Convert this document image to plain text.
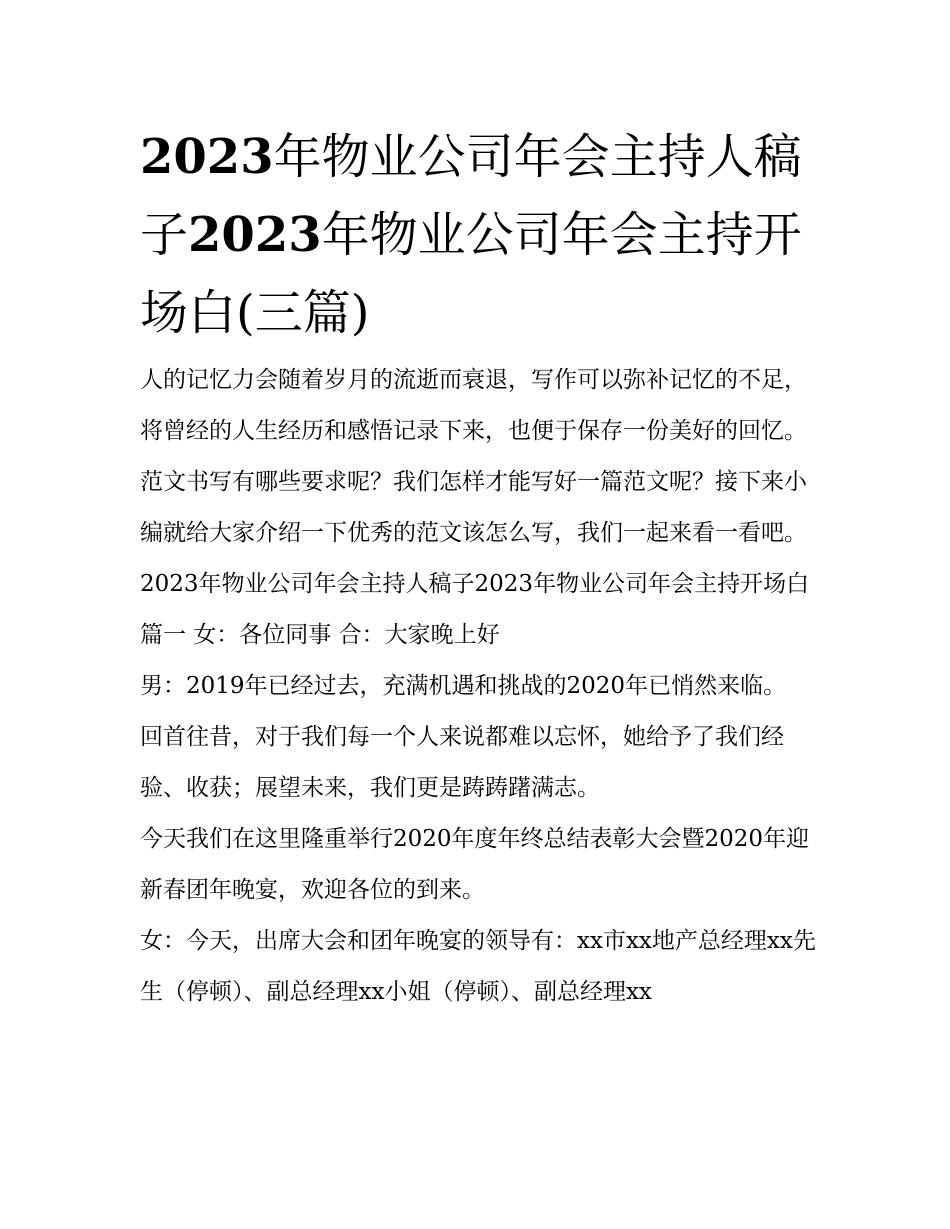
2023年物业公司年会主持人稿子2023年物业公司年会主持开场白(三篇)

人的记忆力会随着岁月的流逝而衰退，写作可以弥补记忆的不足，将曾经的人生经历和感悟记录下来，也便于保存一份美好的回忆。范文书写有哪些要求呢？我们怎样才能写好一篇范文呢？接下来小编就给大家介绍一下优秀的范文该怎么写，我们一起来看一看吧。

2023年物业公司年会主持人稿子2023年物业公司年会主持开场白篇一 女：各位同事 合：大家晚上好

男：2019年已经过去，充满机遇和挑战的2020年已悄然来临。

回首往昔，对于我们每一个人来说都难以忘怀，她给予了我们经验、收获；展望未来，我们更是踌踌躇满志。

今天我们在这里隆重举行2020年度年终总结表彰大会暨2020年迎新春团年晚宴，欢迎各位的到来。

女：今天，出席大会和团年晚宴的领导有：xx市xx地产总经理xx先生（停顿）、副总经理xx小姐（停顿）、副总经理xx
